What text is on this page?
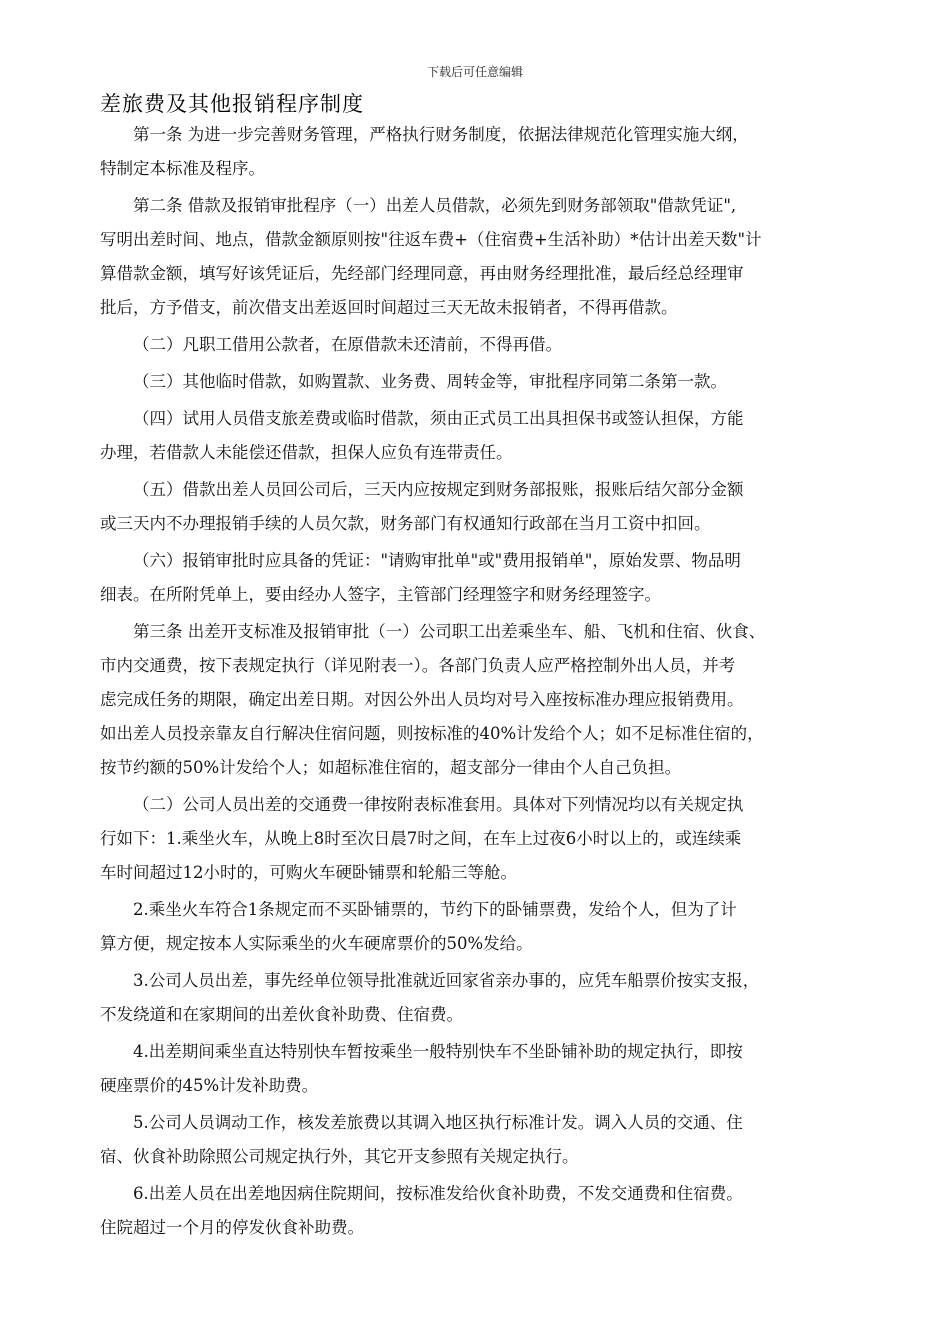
下载后可任意编辑
差旅费及其他报销程序制度
第一条 为进一步完善财务管理，严格执行财务制度，依据法律规范化管理实施大纲，
特制定本标准及程序。
第二条 借款及报销审批程序（一）出差人员借款，必须先到财务部领取"借款凭证",
写明出差时间、地点，借款金额原则按"往返车费+（住宿费+生活补助）*估计出差天数"计
算借款金额，填写好该凭证后，先经部门经理同意，再由财务经理批准，最后经总经理审
批后，方予借支，前次借支出差返回时间超过三天无故未报销者，不得再借款。
（二）凡职工借用公款者，在原借款未还清前，不得再借。
（三）其他临时借款，如购置款、业务费、周转金等，审批程序同第二条第一款。
（四）试用人员借支旅差费或临时借款，须由正式员工出具担保书或签认担保，方能
办理，若借款人未能偿还借款，担保人应负有连带责任。
（五）借款出差人员回公司后，三天内应按规定到财务部报账，报账后结欠部分金额
或三天内不办理报销手续的人员欠款，财务部门有权通知行政部在当月工资中扣回。
（六）报销审批时应具备的凭证："请购审批单"或"费用报销单"，原始发票、物品明
细表。在所附凭单上，要由经办人签字，主管部门经理签字和财务经理签字。
第三条 出差开支标准及报销审批（一）公司职工出差乘坐车、船、飞机和住宿、伙食、
市内交通费，按下表规定执行（详见附表一）。各部门负责人应严格控制外出人员，并考
虑完成任务的期限，确定出差日期。对因公外出人员均对号入座按标准办理应报销费用。
如出差人员投亲靠友自行解决住宿问题，则按标准的40%计发给个人；如不足标准住宿的，
按节约额的50%计发给个人；如超标准住宿的，超支部分一律由个人自己负担。
（二）公司人员出差的交通费一律按附表标准套用。具体对下列情况均以有关规定执
行如下：1.乘坐火车，从晚上8时至次日晨7时之间，在车上过夜6小时以上的，或连续乘
车时间超过12小时的，可购火车硬卧铺票和轮船三等舱。
2.乘坐火车符合1条规定而不买卧铺票的，节约下的卧铺票费，发给个人，但为了计
算方便，规定按本人实际乘坐的火车硬席票价的50%发给。
3.公司人员出差，事先经单位领导批准就近回家省亲办事的，应凭车船票价按实支报，
不发绕道和在家期间的出差伙食补助费、住宿费。
4.出差期间乘坐直达特别快车暂按乘坐一般特别快车不坐卧铺补助的规定执行，即按
硬座票价的45%计发补助费。
5.公司人员调动工作，核发差旅费以其调入地区执行标准计发。调入人员的交通、住
宿、伙食补助除照公司规定执行外，其它开支参照有关规定执行。
6.出差人员在出差地因病住院期间，按标准发给伙食补助费，不发交通费和住宿费。
住院超过一个月的停发伙食补助费。
